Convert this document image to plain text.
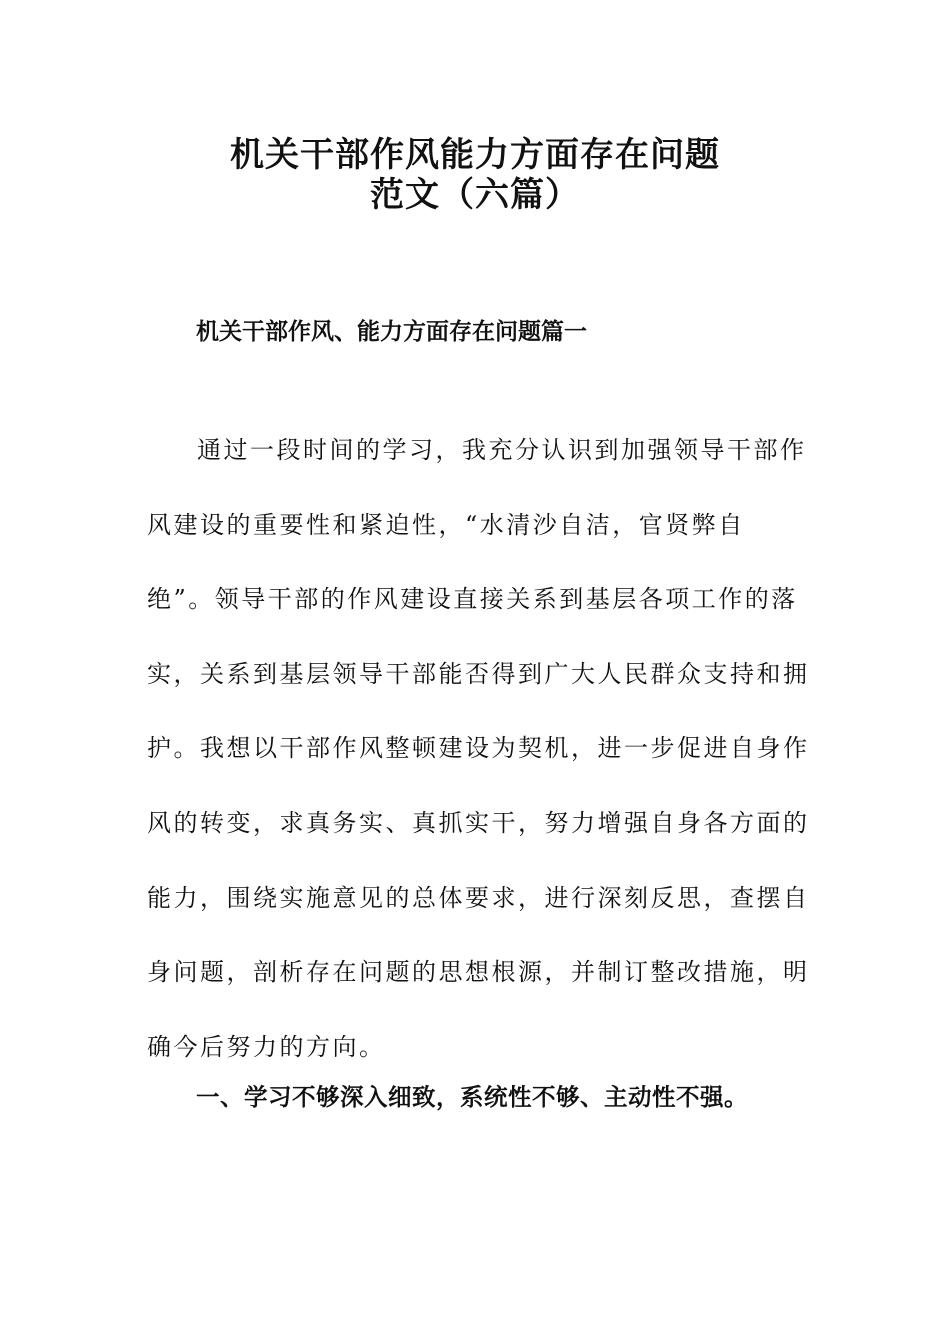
机关干部作风能力方面存在问题
范文（六篇）
机关干部作风、能力方面存在问题篇一
通过一段时间的学习，我充分认识到加强领导干部作
风建设的重要性和紧迫性，“水清沙自洁，官贤弊自
绝”。领导干部的作风建设直接关系到基层各项工作的落
实，关系到基层领导干部能否得到广大人民群众支持和拥
护。我想以干部作风整顿建设为契机，进一步促进自身作
风的转变，求真务实、真抓实干，努力增强自身各方面的
能力，围绕实施意见的总体要求，进行深刻反思，查摆自
身问题，剖析存在问题的思想根源，并制订整改措施，明
确今后努力的方向。
一、学习不够深入细致，系统性不够、主动性不强。
